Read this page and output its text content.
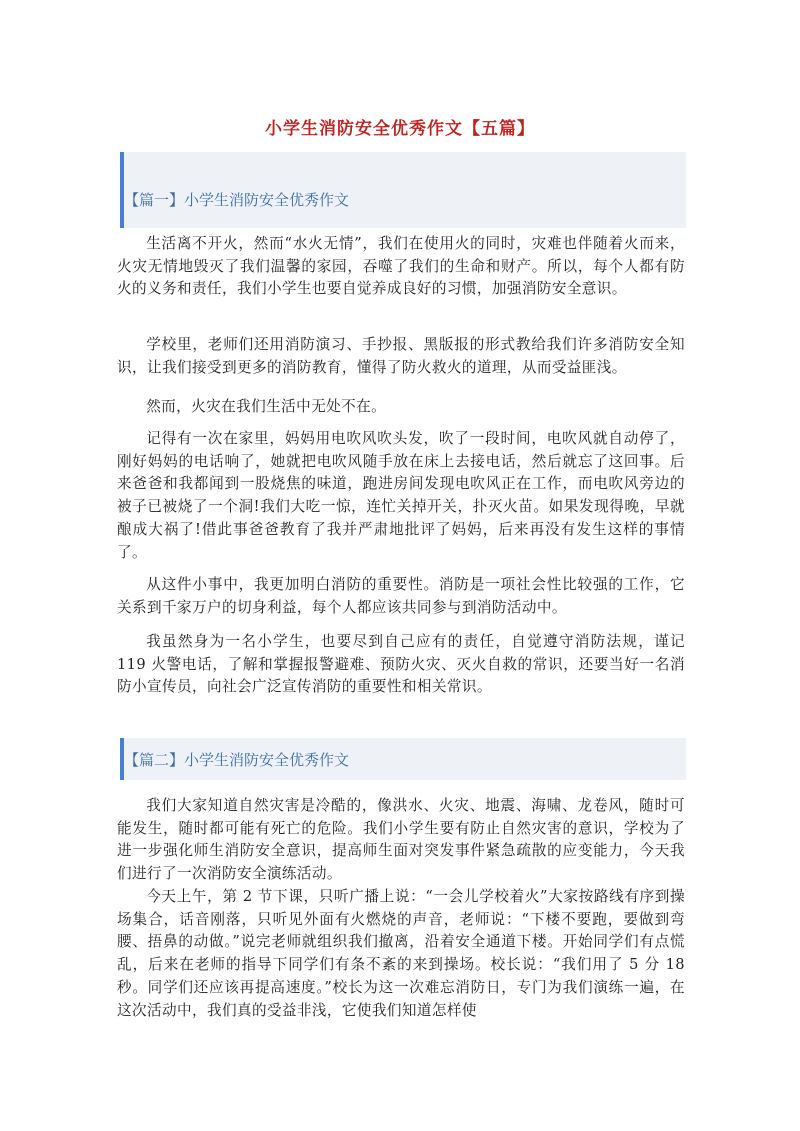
小学生消防安全优秀作文【五篇】
【篇一】小学生消防安全优秀作文

生活离不开火，然而“水火无情”，我们在使用火的同时，灾难也伴随着火而来，火灾无情地毁灭了我们温馨的家园，吞噬了我们的生命和财产。所以，每个人都有防火的义务和责任，我们小学生也要自觉养成良好的习惯，加强消防安全意识。

学校里，老师们还用消防演习、手抄报、黑版报的形式教给我们许多消防安全知识，让我们接受到更多的消防教育，懂得了防火救火的道理，从而受益匪浅。

然而，火灾在我们生活中无处不在。

记得有一次在家里，妈妈用电吹风吹头发，吹了一段时间，电吹风就自动停了，刚好妈妈的电话响了，她就把电吹风随手放在床上去接电话，然后就忘了这回事。后来爸爸和我都闻到一股烧焦的味道，跑进房间发现电吹风正在工作，而电吹风旁边的被子已被烧了一个洞!我们大吃一惊，连忙关掉开关，扑灭火苗。如果发现得晚，早就酿成大祸了!借此事爸爸教育了我并严肃地批评了妈妈，后来再没有发生这样的事情了。

从这件小事中，我更加明白消防的重要性。消防是一项社会性比较强的工作，它关系到千家万户的切身利益，每个人都应该共同参与到消防活动中。

我虽然身为一名小学生，也要尽到自己应有的责任，自觉遵守消防法规，谨记 119 火警电话，了解和掌握报警避难、预防火灾、灭火自救的常识，还要当好一名消防小宣传员，向社会广泛宣传消防的重要性和相关常识。

【篇二】小学生消防安全优秀作文

我们大家知道自然灾害是冷酷的，像洪水、火灾、地震、海啸、龙卷风，随时可能发生，随时都可能有死亡的危险。我们小学生要有防止自然灾害的意识，学校为了进一步强化师生消防安全意识，提高师生面对突发事件紧急疏散的应变能力，今天我们进行了一次消防安全演练活动。

今天上午，第 2 节下课，只听广播上说：“一会儿学校着火”大家按路线有序到操场集合，话音刚落，只听见外面有火燃烧的声音，老师说：“下楼不要跑，要做到弯腰、捂鼻的动做。”说完老师就组织我们撤离，沿着安全通道下楼。开始同学们有点慌乱，后来在老师的指导下同学们有条不紊的来到操场。校长说：“我们用了 5 分 18 秒。同学们还应该再提高速度。”校长为这一次难忘消防日，专门为我们演练一遍，在这次活动中，我们真的受益非浅，它使我们知道怎样使
